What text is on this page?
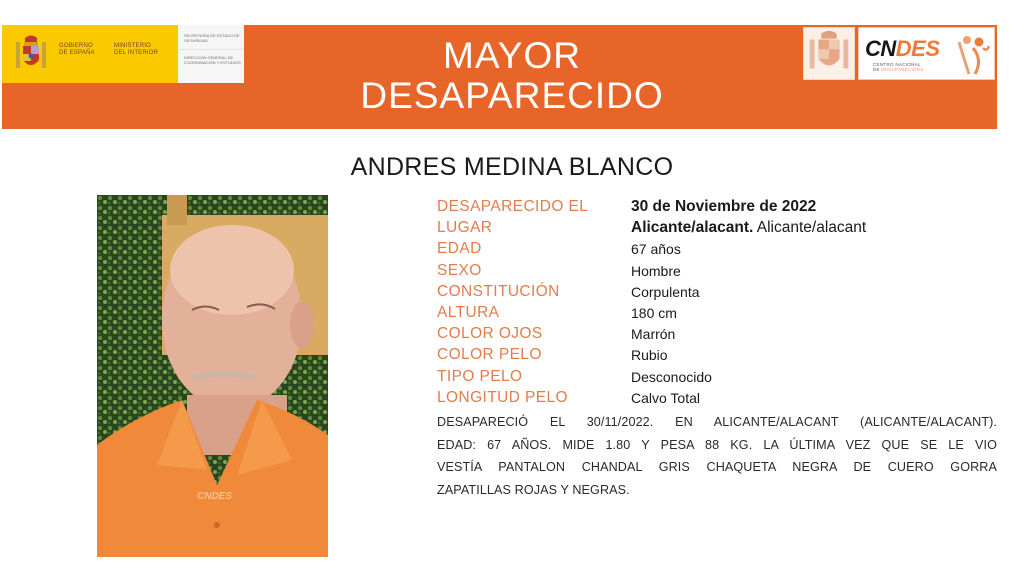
MAYOR
DESAPARECIDO
GOBIERNO
DE ESPAÑA
MINISTERIO
DEL INTERIOR
SECRETARÍA DE ESTADO DE SEGURIDAD
DIRECCIÓN GENERAL DE COORDINACIÓN Y ESTUDIOS
CNDES
CENTRO NACIONAL
DE DESAPARECIDOS
ANDRES MEDINA BLANCO
CNDES
DESAPARECIDO EL	30 de Noviembre de 2022
LUGAR	Alicante/alacant. Alicante/alacant
EDAD	67 años
SEXO	Hombre
CONSTITUCIÓN	Corpulenta
ALTURA	180 cm
COLOR OJOS	Marrón
COLOR PELO	Rubio
TIPO PELO	Desconocido
LONGITUD PELO	Calvo Total
DESAPARECIÓ EL 30/11/2022. EN ALICANTE/ALACANT (ALICANTE/ALACANT).
EDAD: 67 AÑOS. MIDE 1.80 Y PESA 88 KG. LA ÚLTIMA VEZ QUE SE LE VIO
VESTÍA PANTALON CHANDAL GRIS CHAQUETA NEGRA DE CUERO GORRA
ZAPATILLAS ROJAS Y NEGRAS.
